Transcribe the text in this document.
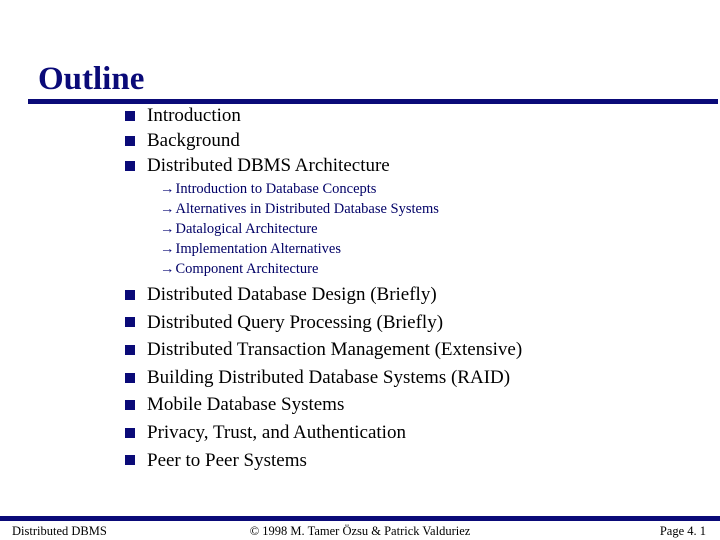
Outline
Introduction
Background
Distributed DBMS Architecture
→Introduction to Database Concepts
→Alternatives in Distributed Database Systems
→Datalogical Architecture
→Implementation Alternatives
→Component Architecture
Distributed Database Design (Briefly)
Distributed Query Processing (Briefly)
Distributed Transaction Management (Extensive)
Building Distributed Database Systems (RAID)
Mobile Database Systems
Privacy, Trust, and Authentication
Peer to Peer Systems
Distributed DBMS	© 1998 M. Tamer Özsu & Patrick Valduriez	Page 4. 1
